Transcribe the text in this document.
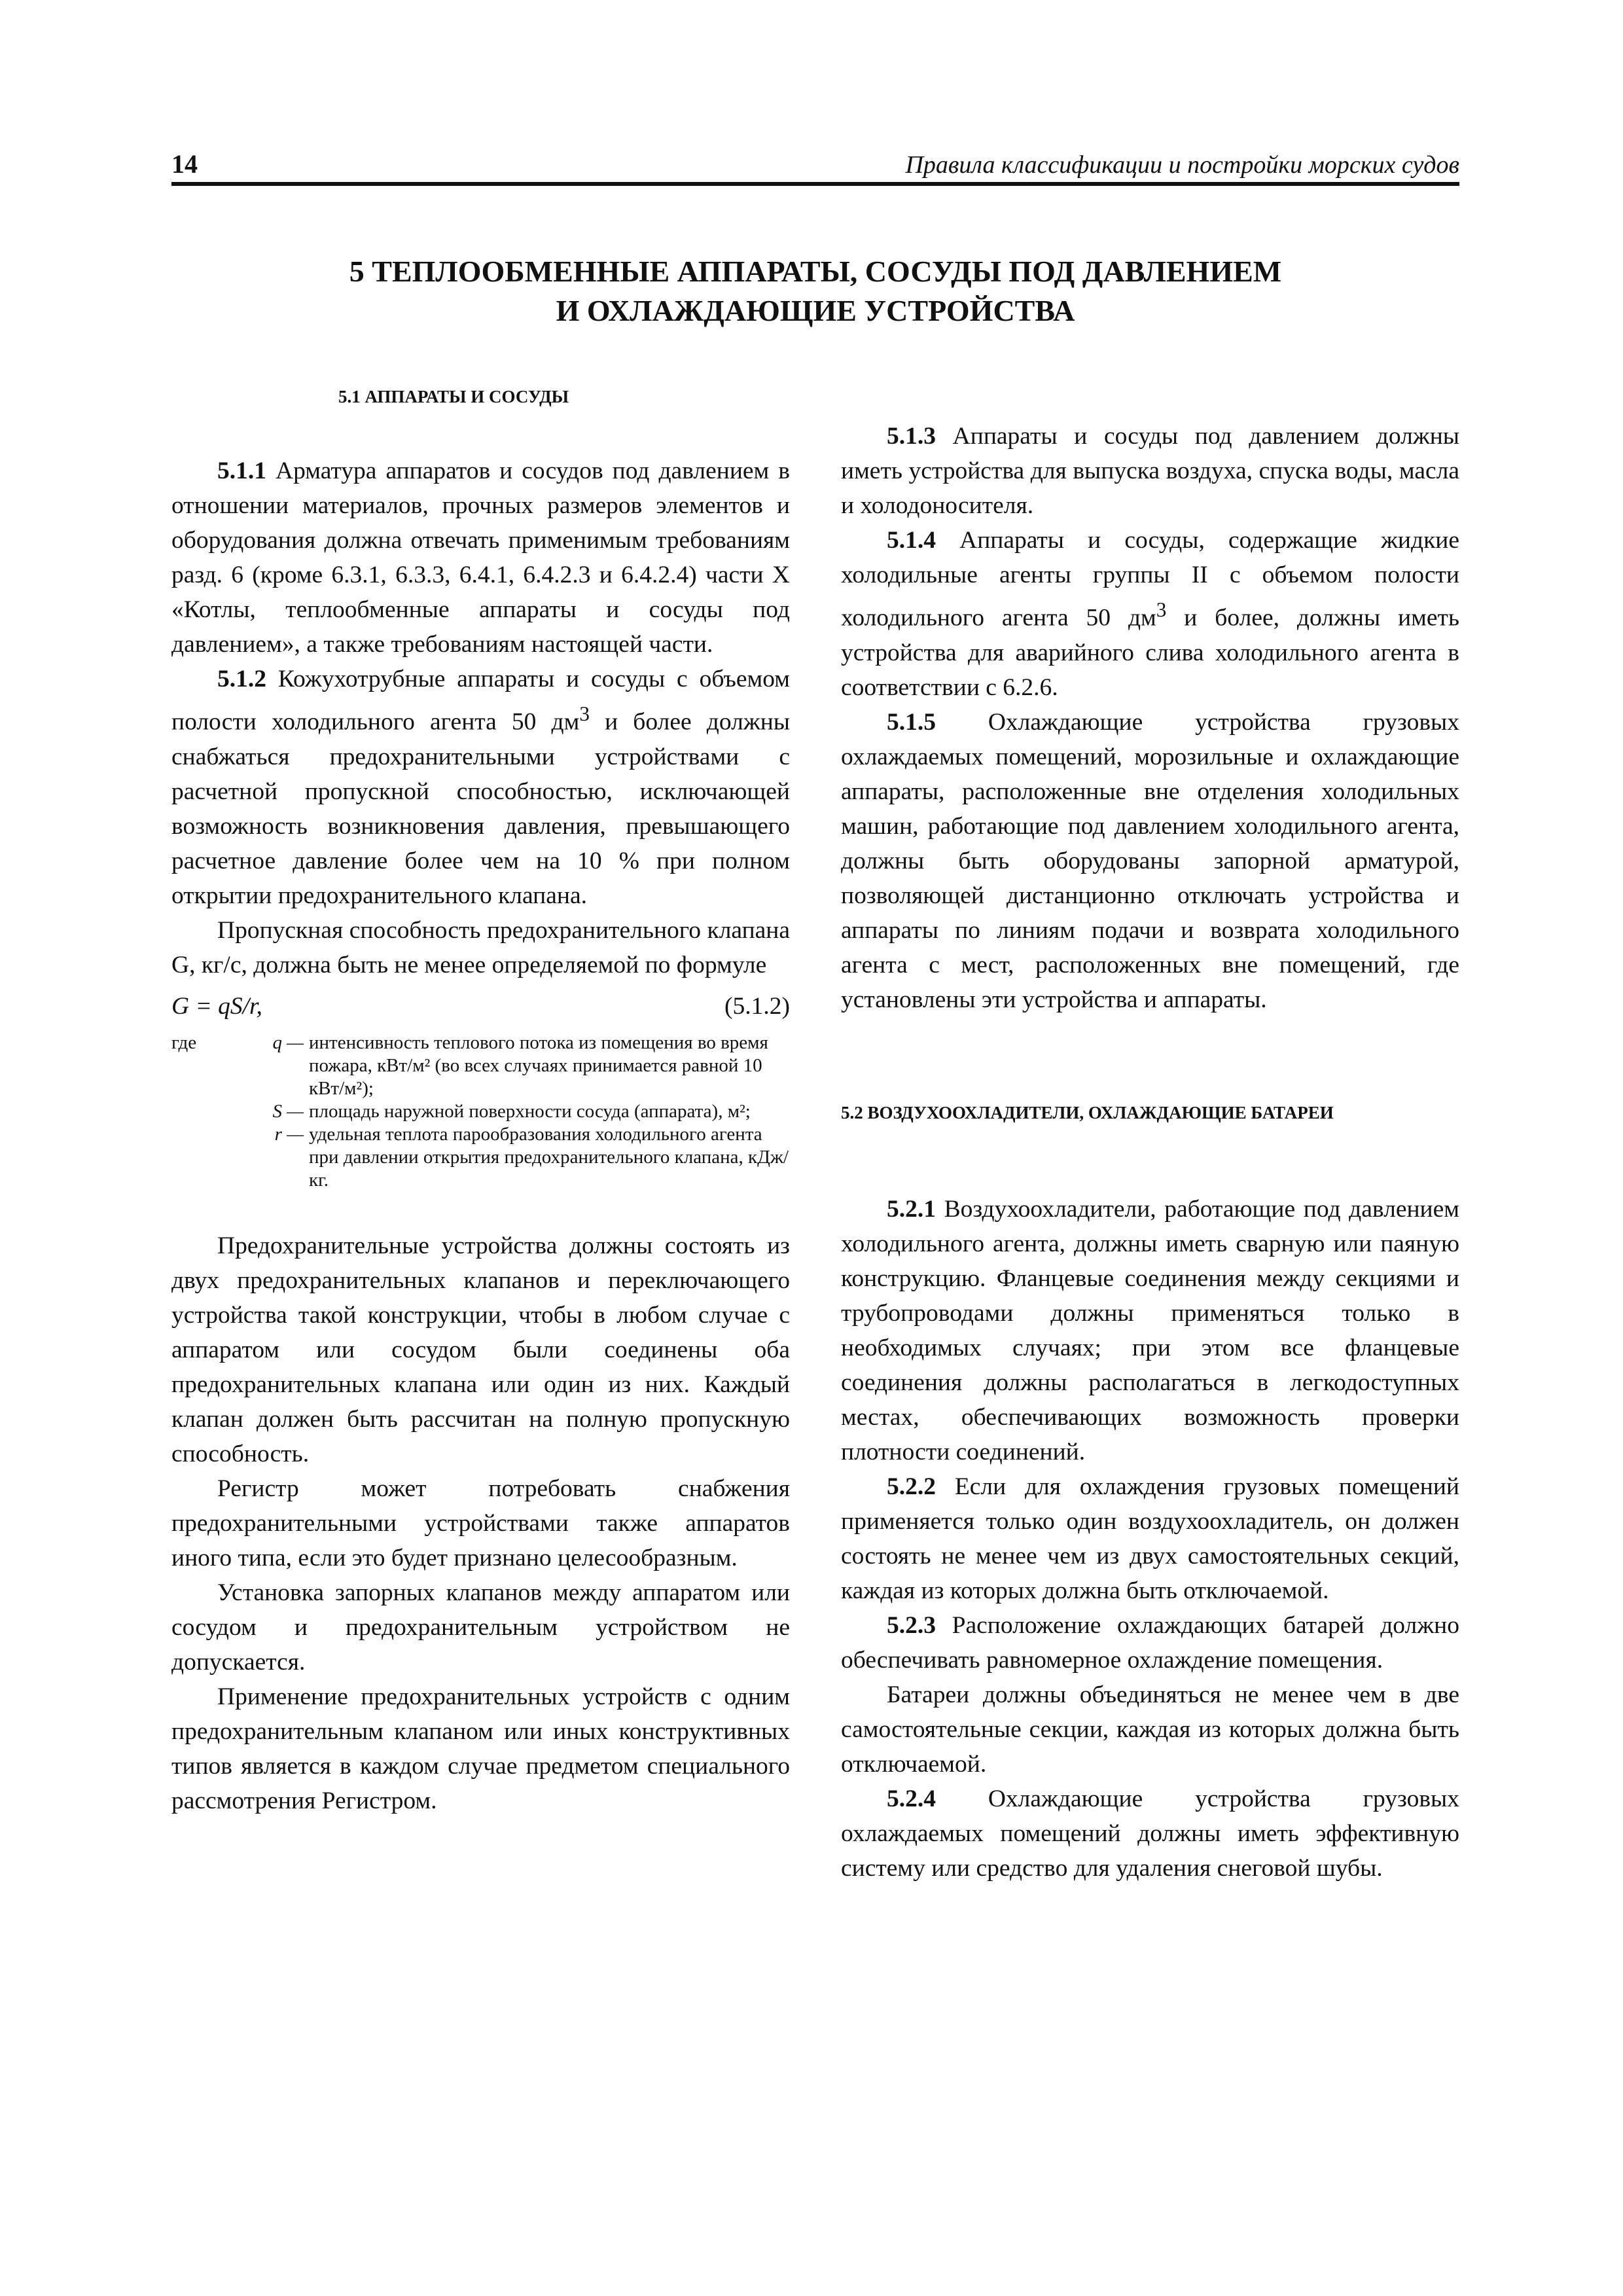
14	Правила классификации и постройки морских судов
5 ТЕПЛООБМЕННЫЕ АППАРАТЫ, СОСУДЫ ПОД ДАВЛЕНИЕМ
И ОХЛАЖДАЮЩИЕ УСТРОЙСТВА
5.1 АППАРАТЫ И СОСУДЫ

5.1.1 Арматура аппаратов и сосудов под давлением в отношении материалов, прочных размеров элементов и оборудования должна отвечать применимым требованиям разд. 6 (кроме 6.3.1, 6.3.3, 6.4.1, 6.4.2.3 и 6.4.2.4) части X «Котлы, теплообменные аппараты и сосуды под давлением», а также требованиям настоящей части.

5.1.2 Кожухотрубные аппараты и сосуды с объемом полости холодильного агента 50 $дм^3$ и более должны снабжаться предохранительными устройствами с расчетной пропускной способностью, исключающей возможность возникновения давления, превышающего расчетное давление более чем на 10 % при полном открытии предохранительного клапана.

Пропускная способность предохранительного клапана G, кг/с, должна быть не менее определяемой по формуле

G = qS/r,	(5.1.2)
где	q — интенсивность теплового потока из помещения во время пожара, кВт/м² (во всех случаях принимается равной 10 кВт/м²);
S — площадь наружной поверхности сосуда (аппарата), м²;
r — удельная теплота парообразования холодильного агента при давлении открытия предохранительного клапана, кДж/кг.

Предохранительные устройства должны состоять из двух предохранительных клапанов и переключающего устройства такой конструкции, чтобы в любом случае с аппаратом или сосудом были соединены оба предохранительных клапана или один из них. Каждый клапан должен быть рассчитан на полную пропускную способность.

Регистр может потребовать снабжения предохранительными устройствами также аппаратов иного типа, если это будет признано целесообразным.

Установка запорных клапанов между аппаратом или сосудом и предохранительным устройством не допускается.

Применение предохранительных устройств с одним предохранительным клапаном или иных конструктивных типов является в каждом случае предметом специального рассмотрения Регистром.

5.1.3 Аппараты и сосуды под давлением должны иметь устройства для выпуска воздуха, спуска воды, масла и холодоносителя.

5.1.4 Аппараты и сосуды, содержащие жидкие холодильные агенты группы II с объемом полости холодильного агента 50 $дм^3$ и более, должны иметь устройства для аварийного слива холодильного агента в соответствии с 6.2.6.

5.1.5 Охлаждающие устройства грузовых охлаждаемых помещений, морозильные и охлаждающие аппараты, расположенные вне отделения холодильных машин, работающие под давлением холодильного агента, должны быть оборудованы запорной арматурой, позволяющей дистанционно отключать устройства и аппараты по линиям подачи и возврата холодильного агента с мест, расположенных вне помещений, где установлены эти устройства и аппараты.

5.2 ВОЗДУХООХЛАДИТЕЛИ, ОХЛАЖДАЮЩИЕ БАТАРЕИ

5.2.1 Воздухоохладители, работающие под давлением холодильного агента, должны иметь сварную или паяную конструкцию. Фланцевые соединения между секциями и трубопроводами должны применяться только в необходимых случаях; при этом все фланцевые соединения должны располагаться в легкодоступных местах, обеспечивающих возможность проверки плотности соединений.

5.2.2 Если для охлаждения грузовых помещений применяется только один воздухоохладитель, он должен состоять не менее чем из двух самостоятельных секций, каждая из которых должна быть отключаемой.

5.2.3 Расположение охлаждающих батарей должно обеспечивать равномерное охлаждение помещения.

Батареи должны объединяться не менее чем в две самостоятельные секции, каждая из которых должна быть отключаемой.

5.2.4 Охлаждающие устройства грузовых охлаждаемых помещений должны иметь эффективную систему или средство для удаления снеговой шубы.
